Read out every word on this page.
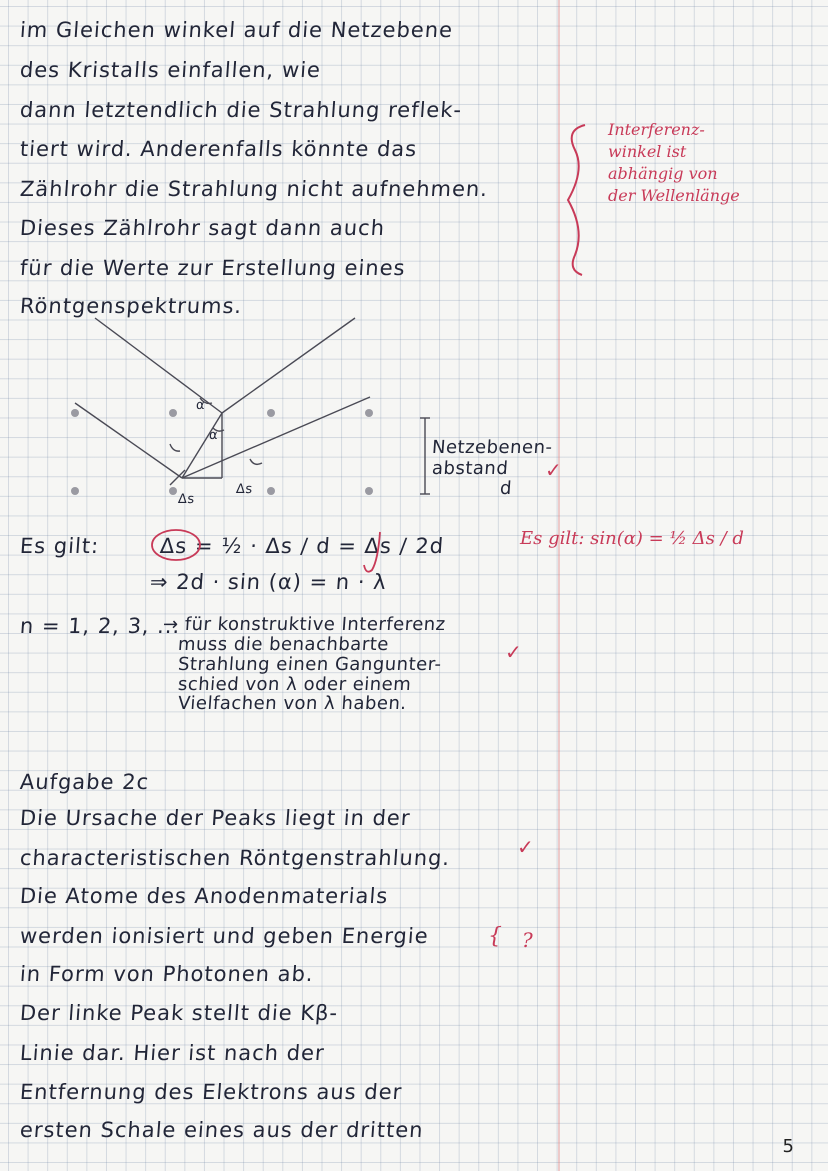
im Gleichen winkel auf die Netzebene
des Kristalls einfallen, wie
dann letztendlich die Strahlung reflek-
tiert wird. Anderenfalls könnte das
Zählrohr die Strahlung nicht aufnehmen.
Dieses Zählrohr sagt dann auch
für die Werte zur Erstellung eines
Röntgenspektrums.
Interferenz-
winkel ist
abhängig von
der Wellenlänge
α
α
Δs
Δs
Netzebenen-
abstand
d
✓
Es gilt:	Δs = ½ · Δs / d = Δs / 2d
⇒ 2d · sin (α) = n · λ
Es gilt: sin(α) = ½ Δs / d
n = 1, 2, 3, ...
→ für konstruktive Interferenz
muss die benachbarte
Strahlung einen Gangunter-
schied von λ oder einem
Vielfachen von λ haben.
✓
Aufgabe 2c
Die Ursache der Peaks liegt in der
✓
characteristischen Röntgenstrahlung.
Die Atome des Anodenmaterials
werden ionisiert und geben Energie	{ ?
in Form von Photonen ab.
Der linke Peak stellt die Kβ-
Linie dar. Hier ist nach der
Entfernung des Elektrons aus der
ersten Schale eines aus der dritten
5
